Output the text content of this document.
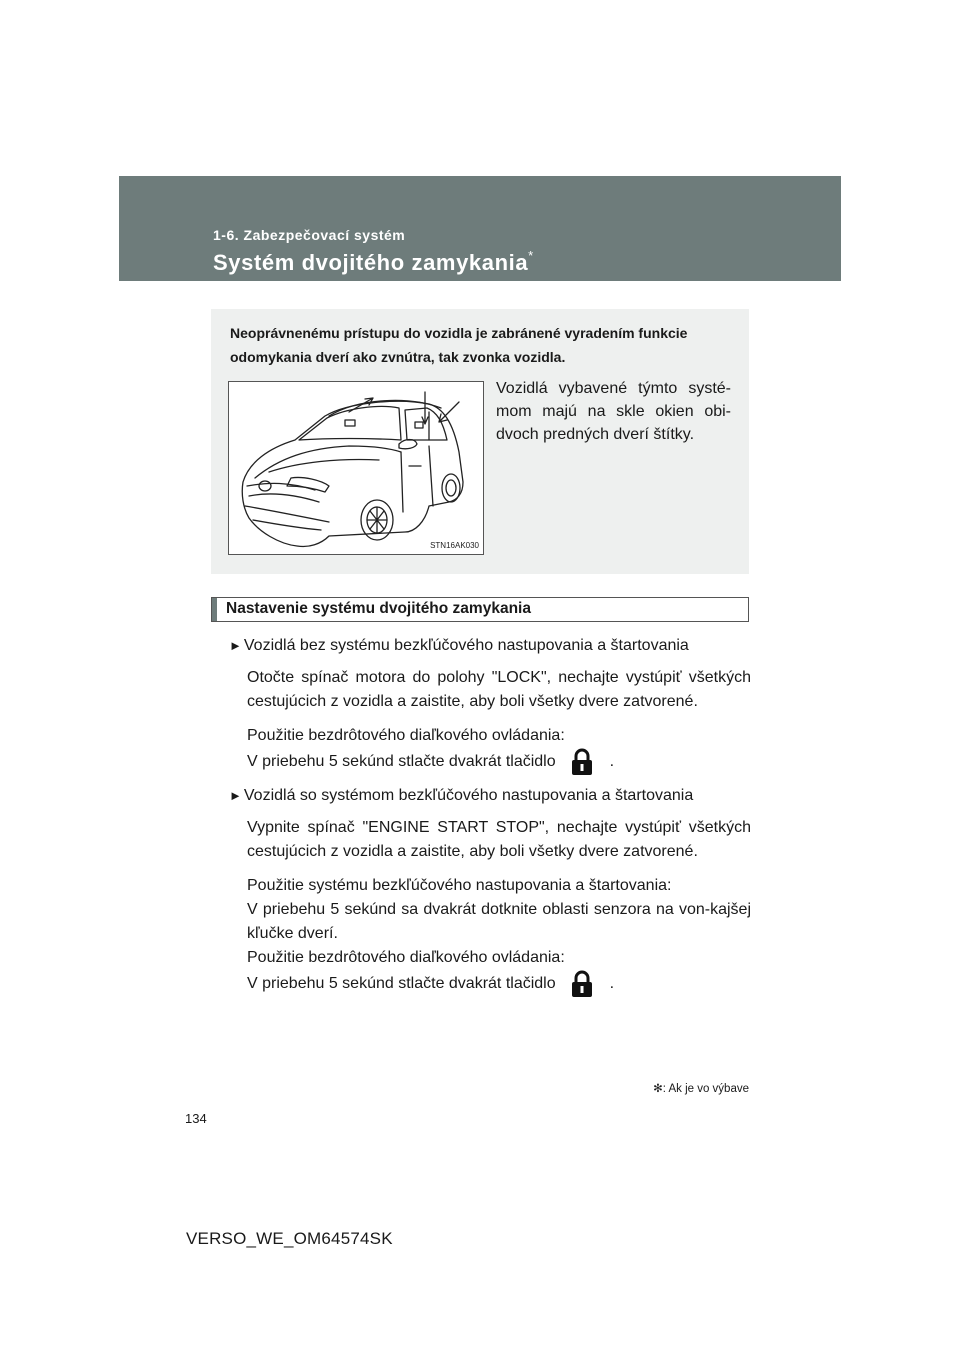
1-6. Zabezpečovací systém
Systém dvojitého zamykania*
Neoprávnenému prístupu do vozidla je zabránené vyradením funkcie odomykania dverí ako zvnútra, tak zvonka vozidla.
STN16AK030
Vozidlá vybavené týmto systé-mom majú na skle okien obi-dvoch predných dverí štítky.
Nastavenie systému dvojitého zamykania
► Vozidlá bez systému bezkľúčového nastupovania a štartovania
Otočte spínač motora do polohy "LOCK", nechajte vystúpiť všetkých cestujúcich z vozidla a zaistite, aby boli všetky dvere zatvorené.
Použitie bezdrôtového diaľkového ovládania:
V priebehu 5 sekúnd stlačte dvakrát tlačidlo	.
► Vozidlá so systémom bezkľúčového nastupovania a štartovania
Vypnite spínač "ENGINE START STOP", nechajte vystúpiť všetkých cestujúcich z vozidla a zaistite, aby boli všetky dvere zatvorené.
Použitie systému bezkľúčového nastupovania a štartovania:
V priebehu 5 sekúnd sa dvakrát dotknite oblasti senzora na von-kajšej kľučke dverí.
Použitie bezdrôtového diaľkového ovládania:
V priebehu 5 sekúnd stlačte dvakrát tlačidlo	.
✻: Ak je vo výbave
134
VERSO_WE_OM64574SK
